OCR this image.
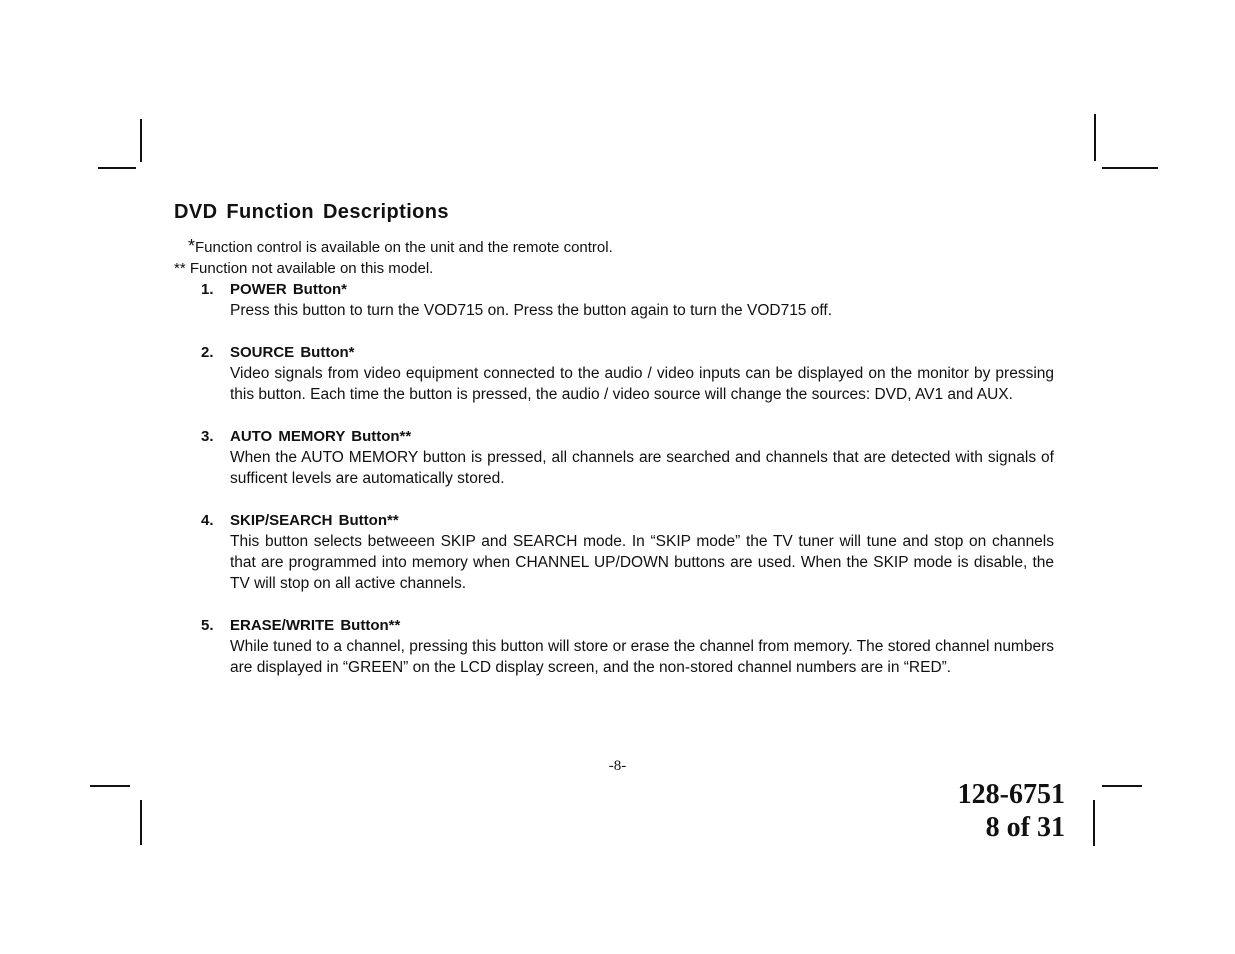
DVD Function Descriptions

*Function control is available on the unit and the remote control.

** Function not available on this model.

1. POWER Button*
Press this button to turn the VOD715 on. Press the button again to turn the VOD715 off.
2. SOURCE Button*
Video signals from video equipment connected to the audio / video inputs can be displayed on the monitor by pressing this button. Each time the button is pressed, the audio / video source will change the sources: DVD, AV1 and AUX.
3. AUTO MEMORY Button**
When the AUTO MEMORY button is pressed, all channels are searched and channels that are detected with signals of sufficent levels are automatically stored.
4. SKIP/SEARCH Button**
This button selects betweeen SKIP and SEARCH mode. In “SKIP mode” the TV tuner will tune and stop on channels that are programmed into memory when CHANNEL UP/DOWN buttons are used. When the SKIP mode is disable, the TV will stop on all active channels.
5. ERASE/WRITE Button**
While tuned to a channel, pressing this button will store or erase the channel from memory. The stored channel numbers are displayed in “GREEN” on the LCD display screen, and the non-stored channel numbers are in “RED”.
-8-
128-6751
8 of 31
